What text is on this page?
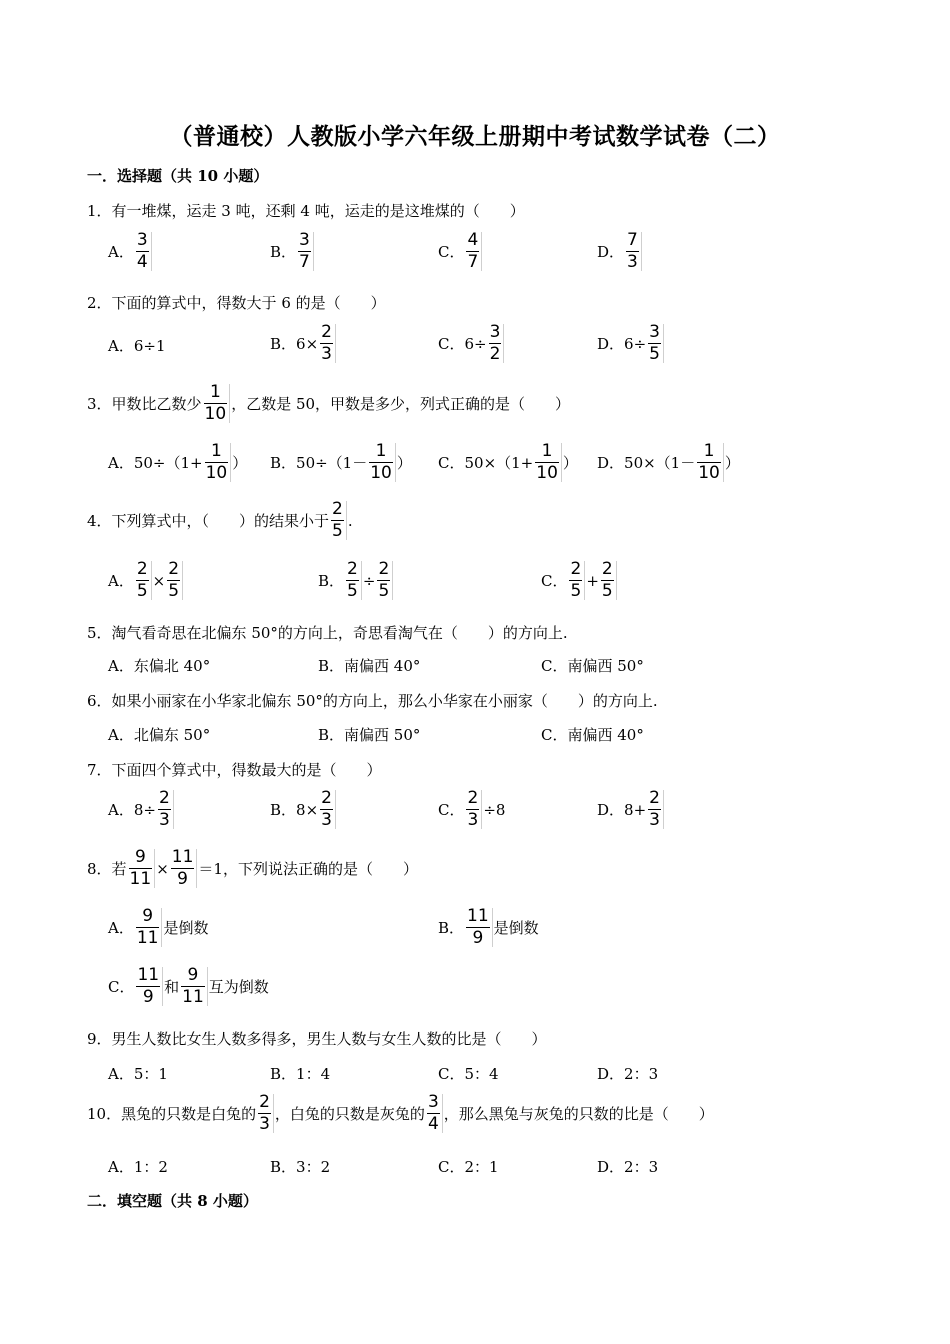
（普通校）人教版小学六年级上册期中考试数学试卷（二）
一．选择题（共 10 小题）
1．有一堆煤，运走 3 吨，还剩 4 吨，运走的是这堆煤的（　　）
A． $\frac{3}{4}$	B． $\frac{3}{7}$	C． $\frac{4}{7}$	D． $\frac{7}{3}$
2．下面的算式中，得数大于 6 的是（　　）
A．6÷1	B．$6\times \frac{2}{3}$	C．$6\div \frac{3}{2}$	D．$6\div \frac{3}{5}$
3．甲数比乙数少 $\frac{1}{10}$ ，乙数是 50，甲数是多少，列式正确的是（　　）
A．$50\div(1+ \frac{1}{10}$ ） B．$50\div(1- \frac{1}{10}$ ） C．$50\times(1+ \frac{1}{10}$ ） D．$50\times(1- \frac{1}{10}$ ）
4．下列算式中，（　　）的结果小于 $\frac{2}{5}$ .
A． $\frac{2}{5} \times \frac{2}{5}$	B． $\frac{2}{5} \div \frac{2}{5}$	C． $\frac{2}{5} + \frac{2}{5}$
5．淘气看奇思在北偏东 50°的方向上，奇思看淘气在（　　）的方向上.
A．东偏北 40°	B．南偏西 40°	C．南偏西 50°
6．如果小丽家在小华家北偏东 50°的方向上，那么小华家在小丽家（　　）的方向上.
A．北偏东 50°	B．南偏西 50°	C．南偏西 40°
7．下面四个算式中，得数最大的是（　　）
A．$8\div \frac{2}{3}$	B．$8\times \frac{2}{3}$	C． $\frac{2}{3} \div 8$	D．$8+ \frac{2}{3}$
8．若 $\frac{9}{11} \times \frac{11}{9} =1$，下列说法正确的是（　　）
A． $\frac{9}{11}$ 是倒数	B． $\frac{11}{9}$ 是倒数
C． $\frac{11}{9}$ 和 $\frac{9}{11}$ 互为倒数
9．男生人数比女生人数多得多，男生人数与女生人数的比是（　　）
A．5：1	B．1：4	C．5：4	D．2：3
10．黑兔的只数是白兔的 $\frac{2}{3}$ ，白兔的只数是灰兔的 $\frac{3}{4}$ ，那么黑兔与灰兔的只数的比是（　　）
A．1：2	B．3：2	C．2：1	D．2：3
二．填空题（共 8 小题）
